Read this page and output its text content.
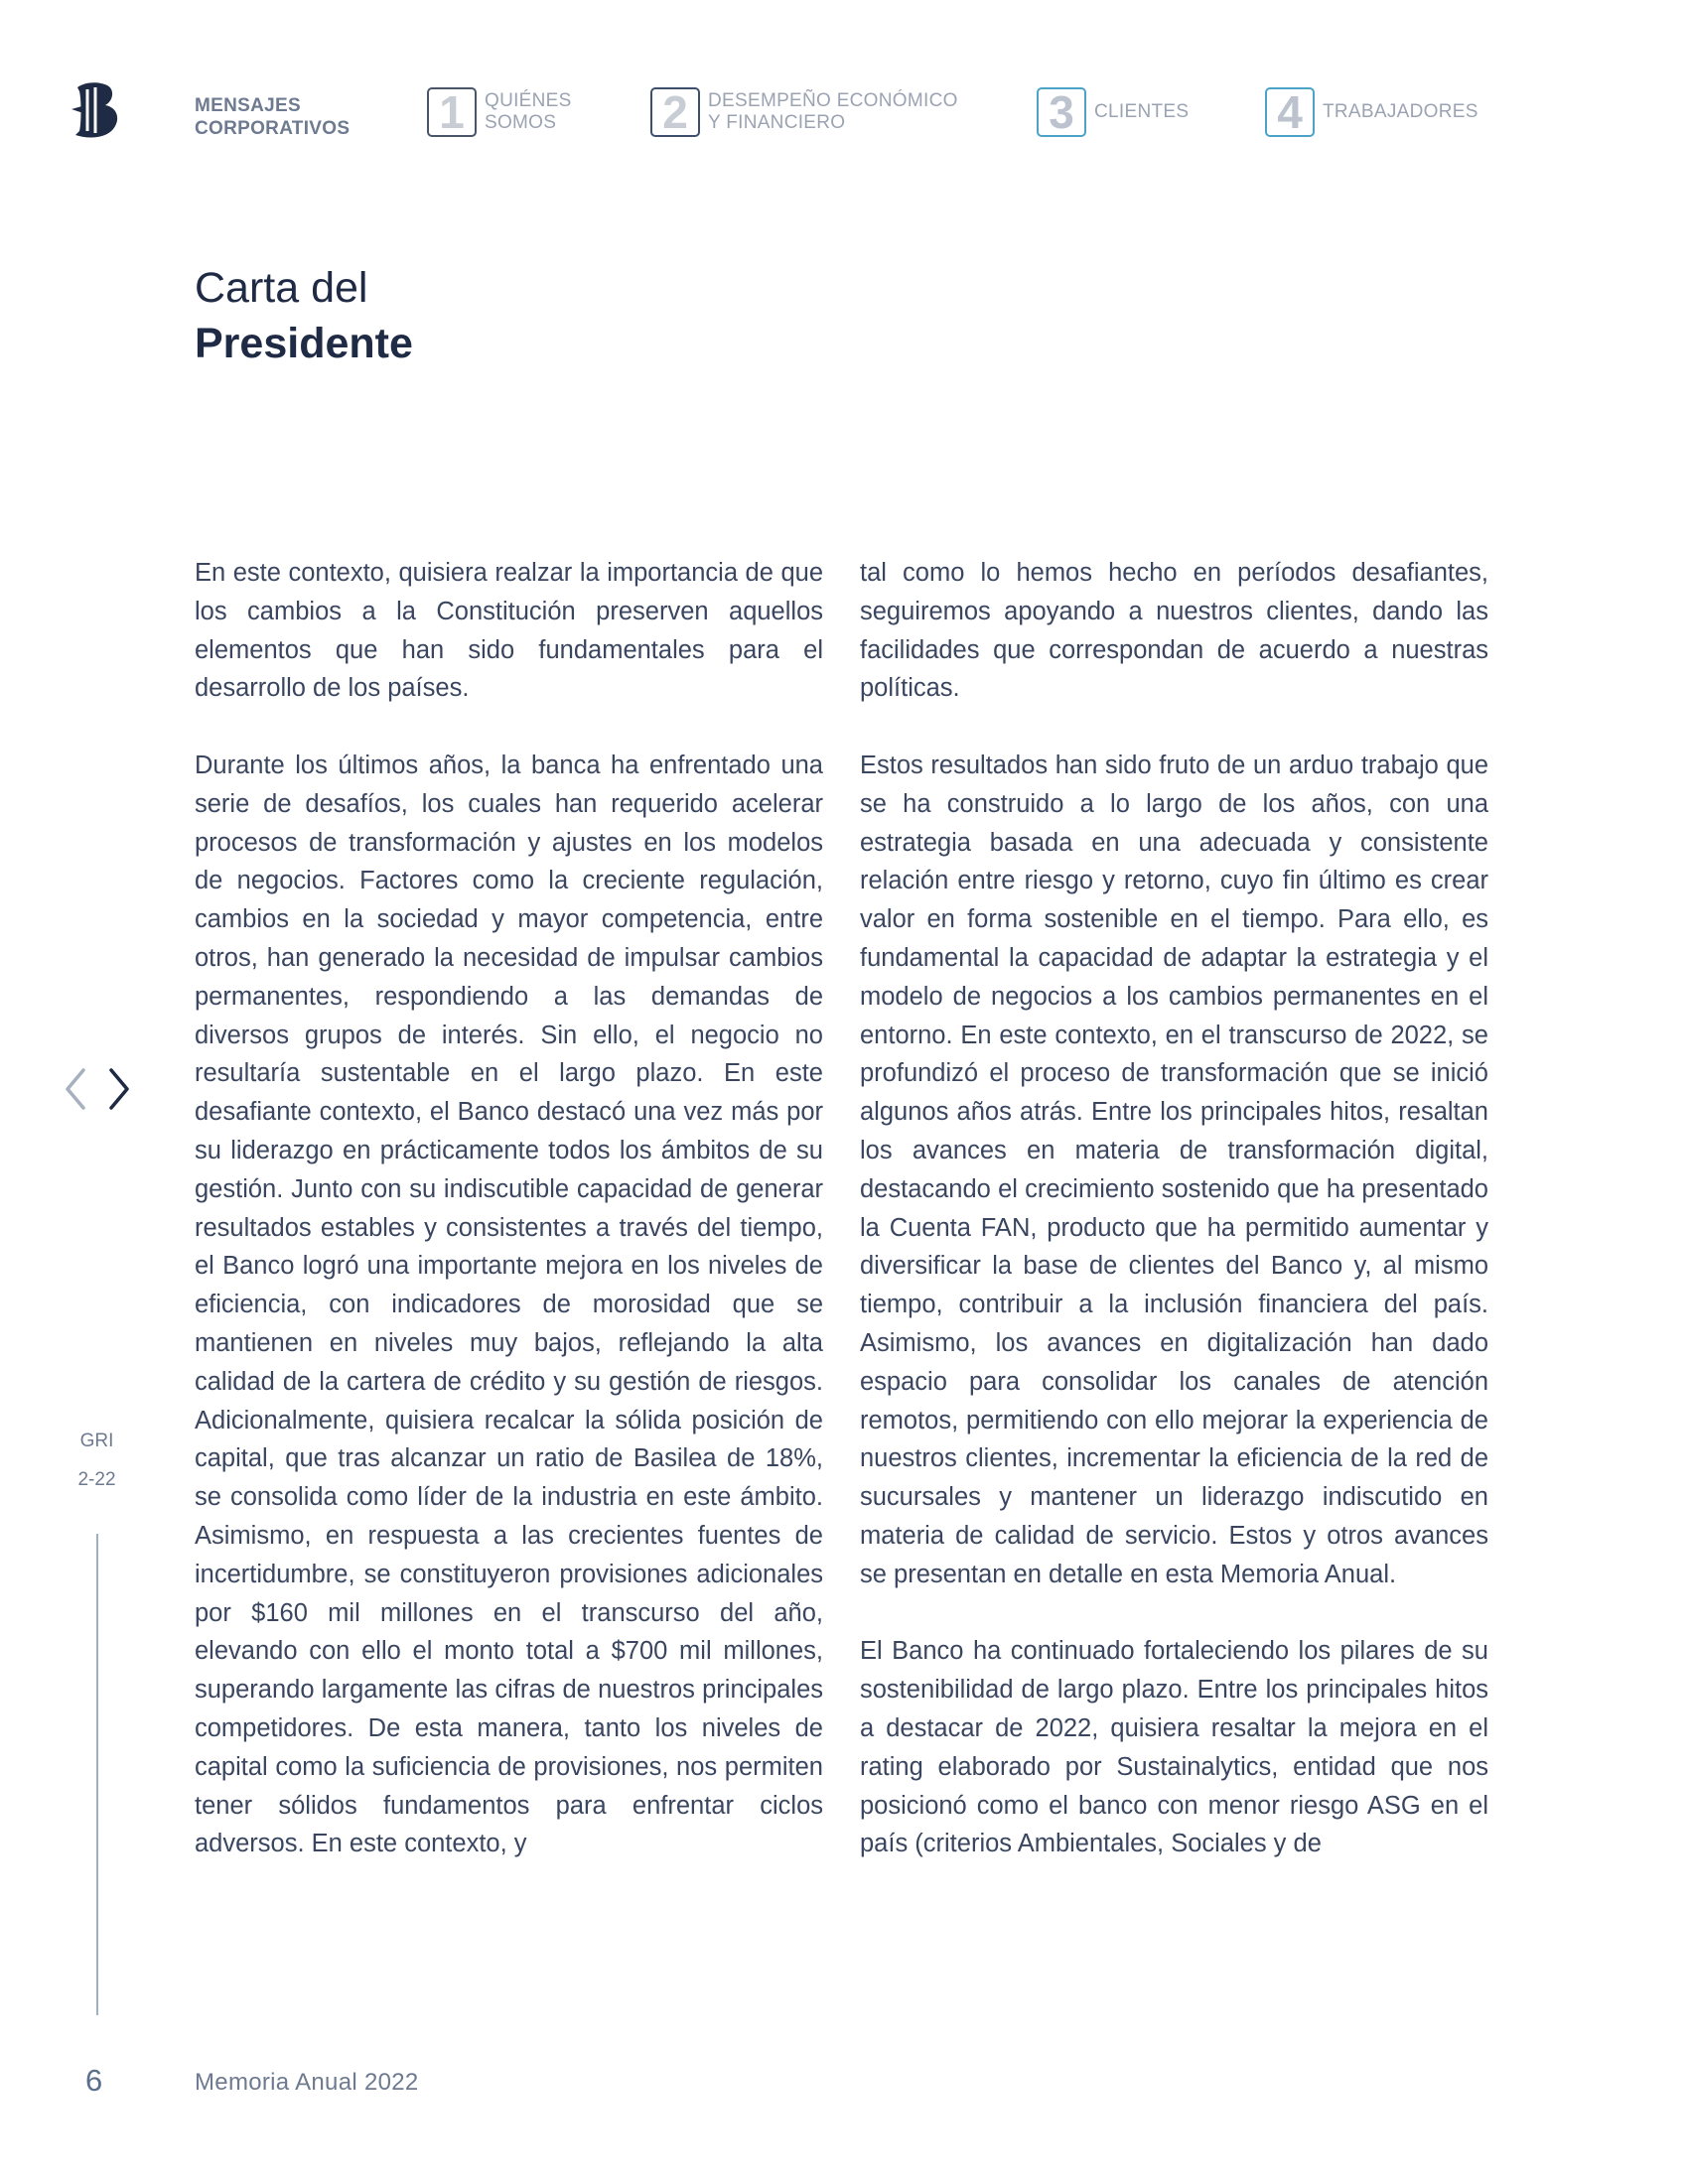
MENSAJES
CORPORATIVOS 1	QUIÉNES
SOMOS	2	DESEMPEÑO ECONÓMICO
Y FINANCIERO	3	CLIENTES 4	TRABAJADORES
Carta del
Presidente

En este contexto, quisiera realzar la importancia de que los cambios a la Constitución preserven aquellos elementos que han sido fundamentales para el desarrollo de los países.

Durante los últimos años, la banca ha enfrentado una serie de desafíos, los cuales han requerido acelerar procesos de transformación y ajustes en los modelos de negocios. Factores como la creciente regulación, cambios en la sociedad y mayor competencia, entre otros, han generado la necesidad de impulsar cambios permanentes, respondiendo a las demandas de diversos grupos de interés. Sin ello, el negocio no resultaría sustentable en el largo plazo. En este desafiante contexto, el Banco destacó una vez más por su liderazgo en prácticamente todos los ámbitos de su gestión. Junto con su indiscutible capacidad de generar resultados estables y consistentes a través del tiempo, el Banco logró una importante mejora en los niveles de eficiencia, con indicadores de morosidad que se mantienen en niveles muy bajos, reflejando la alta calidad de la cartera de crédito y su gestión de riesgos. Adicionalmente, quisiera recalcar la sólida posición de capital, que tras alcanzar un ratio de Basilea de 18%, se consolida como líder de la industria en este ámbito. Asimismo, en respuesta a las crecientes fuentes de incertidumbre, se constituyeron provisiones adicionales por $160 mil millones en el transcurso del año, elevando con ello el monto total a $700 mil millones, superando largamente las cifras de nuestros principales competidores. De esta manera, tanto los niveles de capital como la suficiencia de provisiones, nos permiten tener sólidos fundamentos para enfrentar ciclos adversos. En este contexto, y

tal como lo hemos hecho en períodos desafiantes, seguiremos apoyando a nuestros clientes, dando las facilidades que correspondan de acuerdo a nuestras políticas.

Estos resultados han sido fruto de un arduo trabajo que se ha construido a lo largo de los años, con una estrategia basada en una adecuada y consistente relación entre riesgo y retorno, cuyo fin último es crear valor en forma sostenible en el tiempo. Para ello, es fundamental la capacidad de adaptar la estrategia y el modelo de negocios a los cambios permanentes en el entorno. En este contexto, en el transcurso de 2022, se profundizó el proceso de transformación que se inició algunos años atrás. Entre los principales hitos, resaltan los avances en materia de transformación digital, destacando el crecimiento sostenido que ha presentado la Cuenta FAN, producto que ha permitido aumentar y diversificar la base de clientes del Banco y, al mismo tiempo, contribuir a la inclusión financiera del país. Asimismo, los avances en digitalización han dado espacio para consolidar los canales de atención remotos, permitiendo con ello mejorar la experiencia de nuestros clientes, incrementar la eficiencia de la red de sucursales y mantener un liderazgo indiscutido en materia de calidad de servicio. Estos y otros avances se presentan en detalle en esta Memoria Anual.

El Banco ha continuado fortaleciendo los pilares de su sostenibilidad de largo plazo. Entre los principales hitos a destacar de 2022, quisiera resaltar la mejora en el rating elaborado por Sustainalytics, entidad que nos posicionó como el banco con menor riesgo ASG en el país (criterios Ambientales, Sociales y de

GRI
2-22
6	Memoria Anual 2022
